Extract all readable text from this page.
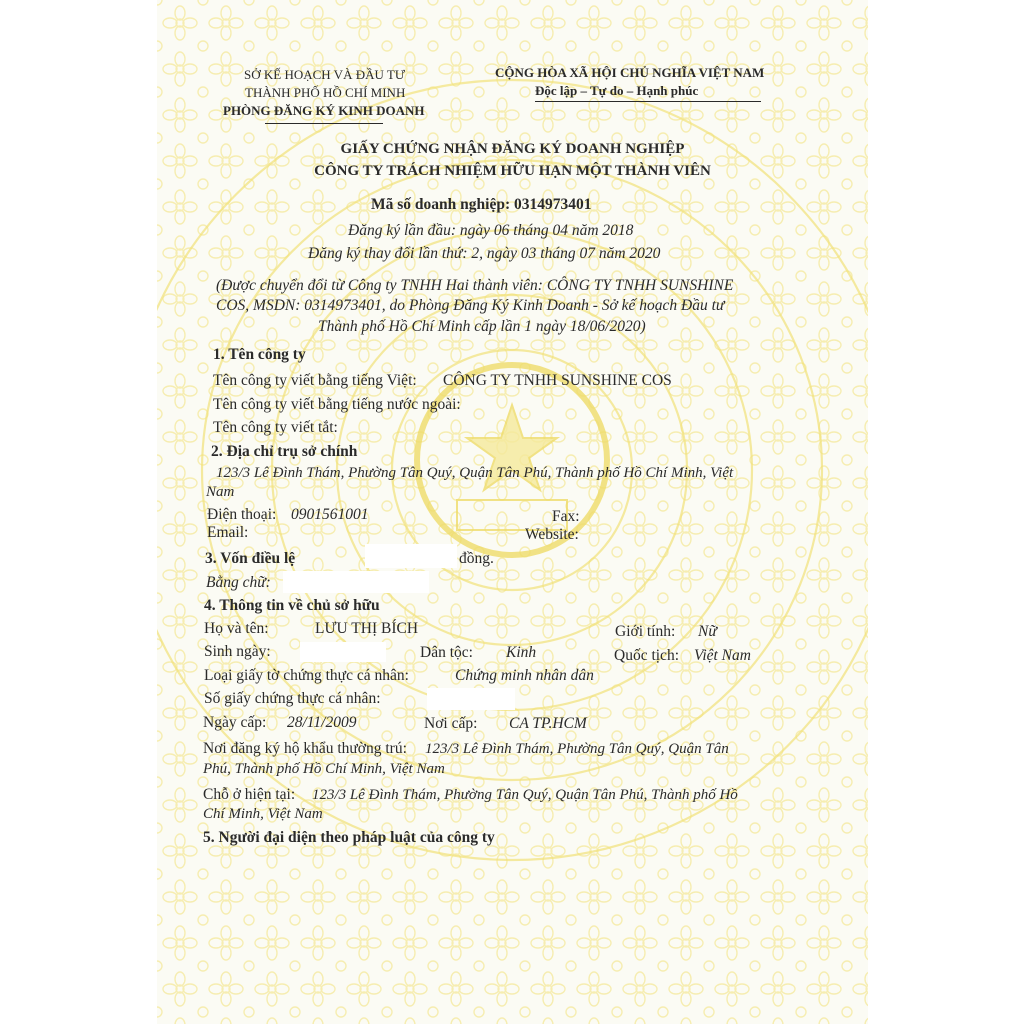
SỞ KẾ HOẠCH VÀ ĐẦU TƯ
THÀNH PHỐ HỒ CHÍ MINH
PHÒNG ĐĂNG KÝ KINH DOANH
CỘNG HÒA XÃ HỘI CHỦ NGHĨA VIỆT NAM
Độc lập – Tự do – Hạnh phúc
GIẤY CHỨNG NHẬN ĐĂNG KÝ DOANH NGHIỆP
CÔNG TY TRÁCH NHIỆM HỮU HẠN MỘT THÀNH VIÊN
Mã số doanh nghiệp: 0314973401
Đăng ký lần đầu: ngày 06 tháng 04 năm 2018
Đăng ký thay đổi lần thứ: 2, ngày 03 tháng 07 năm 2020
(Được chuyển đổi từ Công ty TNHH Hai thành viên: CÔNG TY TNHH SUNSHINE
COS, MSDN: 0314973401, do Phòng Đăng Ký Kinh Doanh - Sở kế hoạch Đầu tư
Thành phố Hồ Chí Minh cấp lần 1 ngày 18/06/2020)
1. Tên công ty
Tên công ty viết bằng tiếng Việt: CÔNG TY TNHH SUNSHINE COS
Tên công ty viết bằng tiếng nước ngoài:
Tên công ty viết tắt:
2. Địa chỉ trụ sở chính
123/3 Lê Đình Thám, Phường Tân Quý, Quận Tân Phú, Thành phố Hồ Chí Minh, Việt
Nam
Điện thoại: 0901561001	Fax:
Email:	Website:
3. Vốn điều lệ	đồng.
Bằng chữ:
4. Thông tin về chủ sở hữu
Họ và tên:	LƯU THỊ BÍCH	Giới tính: Nữ
Sinh ngày:	Dân tộc: Kinh	Quốc tịch: Việt Nam
Loại giấy tờ chứng thực cá nhân:	Chứng minh nhân dân
Số giấy chứng thực cá nhân:
Ngày cấp: 28/11/2009	Nơi cấp: CA TP.HCM
Nơi đăng ký hộ khẩu thường trú: 123/3 Lê Đình Thám, Phường Tân Quý, Quận Tân
Phú, Thành phố Hồ Chí Minh, Việt Nam
Chỗ ở hiện tại: 123/3 Lê Đình Thám, Phường Tân Quý, Quận Tân Phú, Thành phố Hồ
Chí Minh, Việt Nam
5. Người đại diện theo pháp luật của công ty
